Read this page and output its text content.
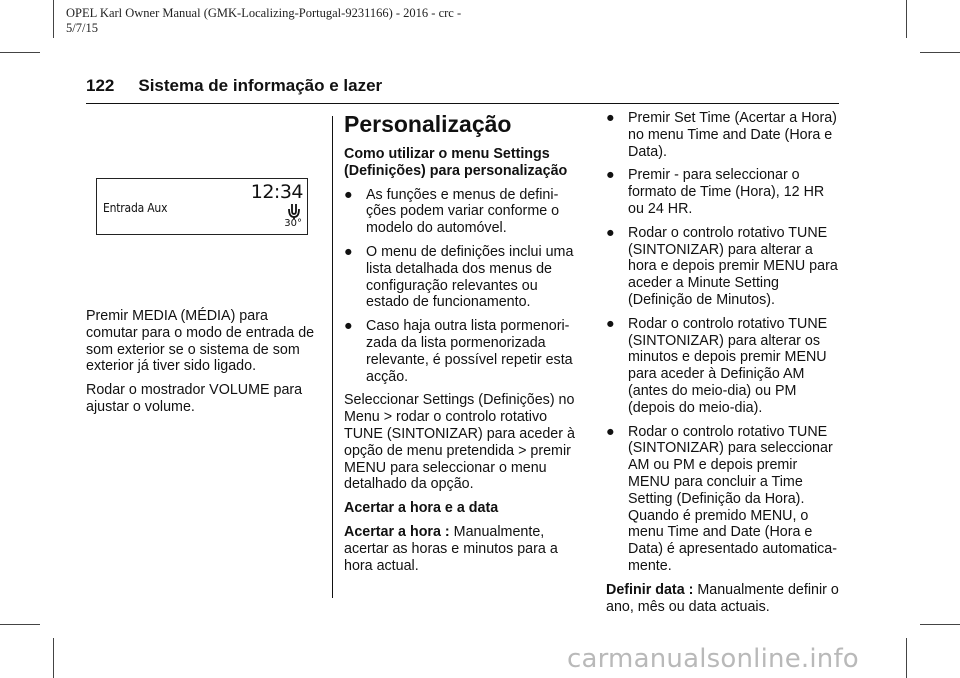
OPEL Karl Owner Manual (GMK-Localizing-Portugal-9231166) - 2016 - crc -
5/7/15
122 Sistema de informação e lazer
Entrada Aux
12:34
30°

Premir MEDIA (MÉDIA) para comutar para o modo de entrada de som exterior se o sistema de som exterior já tiver sido ligado.

Rodar o mostrador VOLUME para ajustar o volume.

Personalização

Como utilizar o menu Settings (Definições) para personalização

● As funções e menus de defini-ções podem variar conforme o modelo do automóvel.
● O menu de definições inclui uma lista detalhada dos menus de configuração relevantes ou estado de funcionamento.
● Caso haja outra lista pormenori-zada da lista pormenorizada relevante, é possível repetir esta acção.

Seleccionar Settings (Definições) no Menu > rodar o controlo rotativo TUNE (SINTONIZAR) para aceder à opção de menu pretendida > premir MENU para seleccionar o menu detalhado da opção.

Acertar a hora e a data

Acertar a hora : Manualmente, acertar as horas e minutos para a hora actual.

● Premir Set Time (Acertar a Hora) no menu Time and Date (Hora e Data).
● Premir - para seleccionar o formato de Time (Hora), 12 HR ou 24 HR.
● Rodar o controlo rotativo TUNE (SINTONIZAR) para alterar a hora e depois premir MENU para aceder a Minute Setting (Definição de Minutos).
● Rodar o controlo rotativo TUNE (SINTONIZAR) para alterar os minutos e depois premir MENU para aceder à Definição AM (antes do meio-dia) ou PM (depois do meio-dia).
● Rodar o controlo rotativo TUNE (SINTONIZAR) para seleccionar AM ou PM e depois premir MENU para concluir a Time Setting (Definição da Hora). Quando é premido MENU, o menu Time and Date (Hora e Data) é apresentado automatica-mente.

Definir data : Manualmente definir o ano, mês ou data actuais.

carmanualsonline.info
